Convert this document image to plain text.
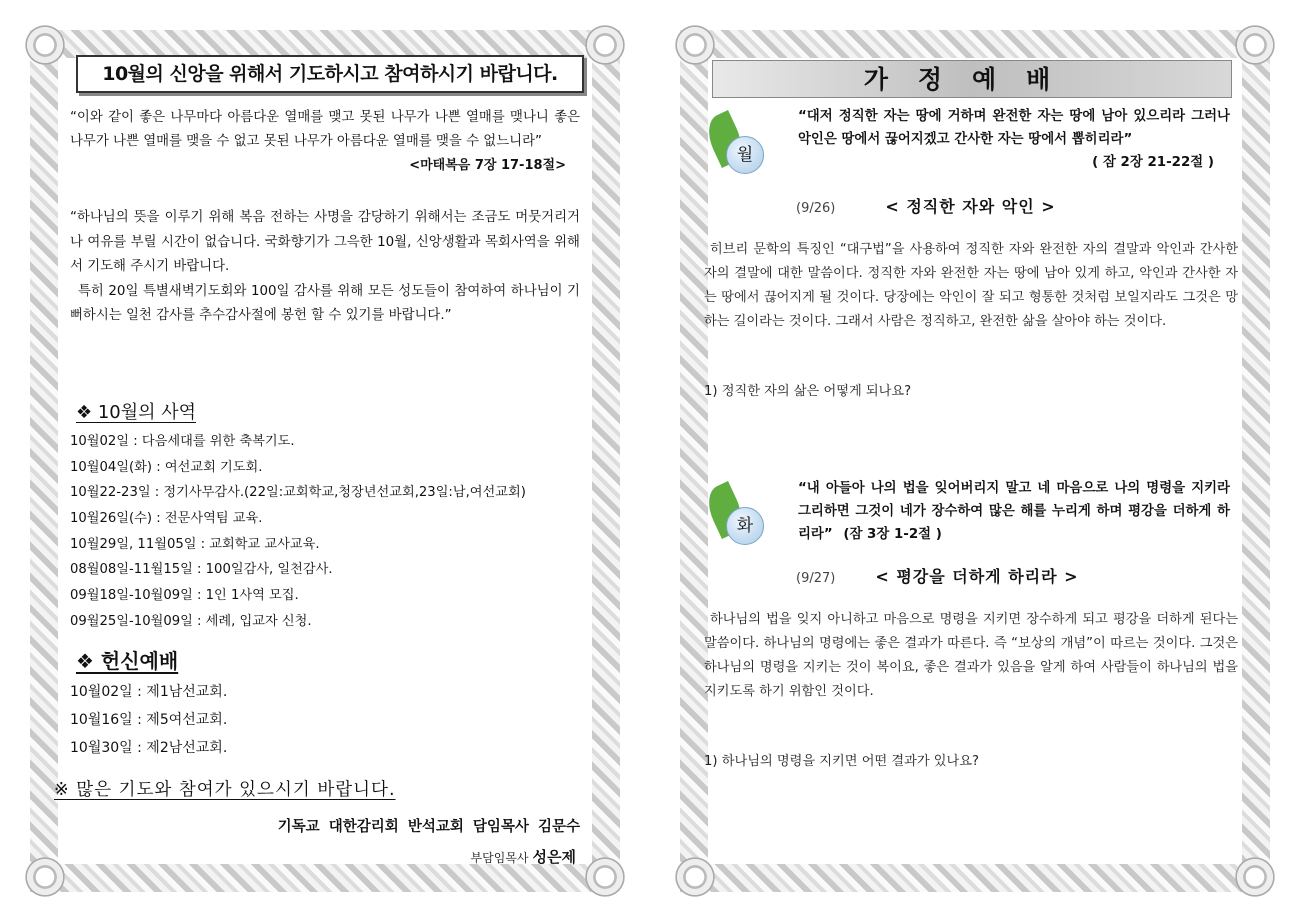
10월의 신앙을 위해서 기도하시고 참여하시기 바랍니다.
“이와 같이 좋은 나무마다 아름다운 열매를 맺고 못된 나무가 나쁜 열매를 맺나니 좋은 나무가 나쁜 열매를 맺을 수 없고 못된 나무가 아름다운 열매를 맺을 수 없느니라”
<마태복음 7장 17-18절>
“하나님의 뜻을 이루기 위해 복음 전하는 사명을 감당하기 위해서는 조금도 머뭇거리거나 여유를 부릴 시간이 없습니다. 국화향기가 그윽한 10월, 신앙생활과 목회사역을 위해서 기도해 주시기 바랍니다.
특히 20일 특별새벽기도회와 100일 감사를 위해 모든 성도들이 참여하여 하나님이 기뻐하시는 일천 감사를 추수감사절에 봉헌 할 수 있기를 바랍니다.”
❖ 10월의 사역
10월02일 : 다음세대를 위한 축복기도.
10월04일(화) : 여선교회 기도회.
10월22-23일 : 정기사무감사.(22일:교회학교,청장년선교회,23일:남,여선교회)
10월26일(수) : 전문사역팀 교육.
10월29일, 11월05일 : 교회학교 교사교육.
08월08일-11월15일 : 100일감사, 일천감사.
09월18일-10월09일 : 1인 1사역 모집.
09월25일-10월09일 : 세례, 입교자 신청.
❖ 헌신예배
10월02일 : 제1남선교회.
10월16일 : 제5여선교회.
10월30일 : 제2남선교회.
※ 많은 기도와 참여가 있으시기 바랍니다.
기독교 대한감리회 반석교회 담임목사 김문수
부담임목사 성은제
가정예배
월
“대저 정직한 자는 땅에 거하며 완전한 자는 땅에 남아 있으리라 그러나 악인은 땅에서 끊어지겠고 간사한 자는 땅에서 뽑히리라”
( 잠 2장 21-22절 )
(9/26)	< 정직한 자와 악인 >
히브리 문학의 특징인 “대구법”을 사용하여 정직한 자와 완전한 자의 결말과 악인과 간사한 자의 결말에 대한 말씀이다. 정직한 자와 완전한 자는 땅에 남아 있게 하고, 악인과 간사한 자는 땅에서 끊어지게 될 것이다. 당장에는 악인이 잘 되고 형통한 것처럼 보일지라도 그것은 망하는 길이라는 것이다. 그래서 사람은 정직하고, 완전한 삶을 살아야 하는 것이다.
1) 정직한 자의 삶은 어떻게 되나요?
화
“내 아들아 나의 법을 잊어버리지 말고 네 마음으로 나의 명령을 지키라 그리하면 그것이 네가 장수하여 많은 해를 누리게 하며 평강을 더하게 하리라” (잠 3장 1-2절 )
(9/27)	< 평강을 더하게 하리라 >
하나님의 법을 잊지 아니하고 마음으로 명령을 지키면 장수하게 되고 평강을 더하게 된다는 말씀이다. 하나님의 명령에는 좋은 결과가 따른다. 즉 “보상의 개념”이 따르는 것이다. 그것은 하나님의 명령을 지키는 것이 복이요, 좋은 결과가 있음을 알게 하여 사람들이 하나님의 법을 지키도록 하기 위함인 것이다.
1) 하나님의 명령을 지키면 어떤 결과가 있나요?
